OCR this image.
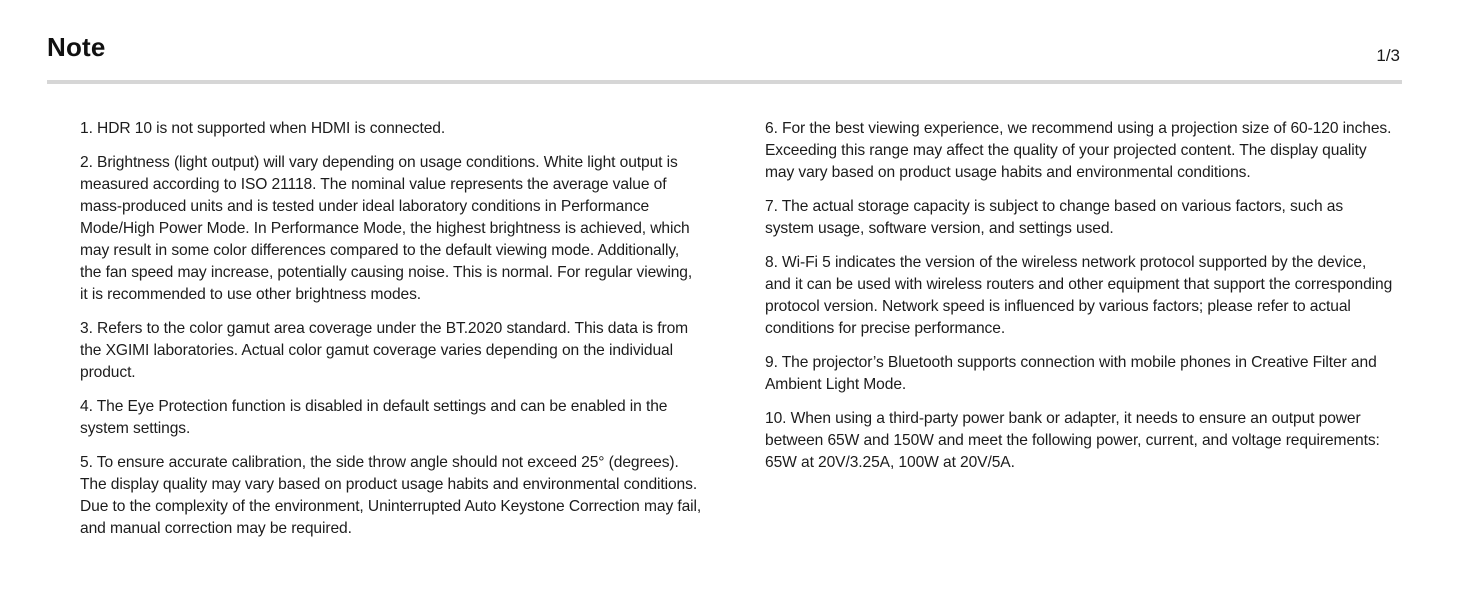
Note	1/3

1. HDR 10 is not supported when HDMI is connected.

2. Brightness (light output) will vary depending on usage conditions. White light output is measured according to ISO 21118. The nominal value represents the average value of mass-produced units and is tested under ideal laboratory conditions in Performance Mode/High Power Mode. In Performance Mode, the highest brightness is achieved, which may result in some color differences compared to the default viewing mode. Additionally, the fan speed may increase, potentially causing noise. This is normal. For regular viewing, it is recommended to use other brightness modes.

3. Refers to the color gamut area coverage under the BT.2020 standard. This data is from the XGIMI laboratories. Actual color gamut coverage varies depending on the individual product.

4. The Eye Protection function is disabled in default settings and can be enabled in the system settings.

5. To ensure accurate calibration, the side throw angle should not exceed 25° (degrees). The display quality may vary based on product usage habits and environmental conditions. Due to the complexity of the environment, Uninterrupted Auto Keystone Correction may fail, and manual correction may be required.

6. For the best viewing experience, we recommend using a projection size of 60-120 inches. Exceeding this range may affect the quality of your projected content. The display quality may vary based on product usage habits and environmental conditions.

7. The actual storage capacity is subject to change based on various factors, such as system usage, software version, and settings used.

8. Wi-Fi 5 indicates the version of the wireless network protocol supported by the device, and it can be used with wireless routers and other equipment that support the corresponding protocol version. Network speed is influenced by various factors; please refer to actual conditions for precise performance.

9. The projector’s Bluetooth supports connection with mobile phones in Creative Filter and Ambient Light Mode.

10. When using a third-party power bank or adapter, it needs to ensure an output power between 65W and 150W and meet the following power, current, and voltage requirements: 65W at 20V/3.25A, 100W at 20V/5A.
